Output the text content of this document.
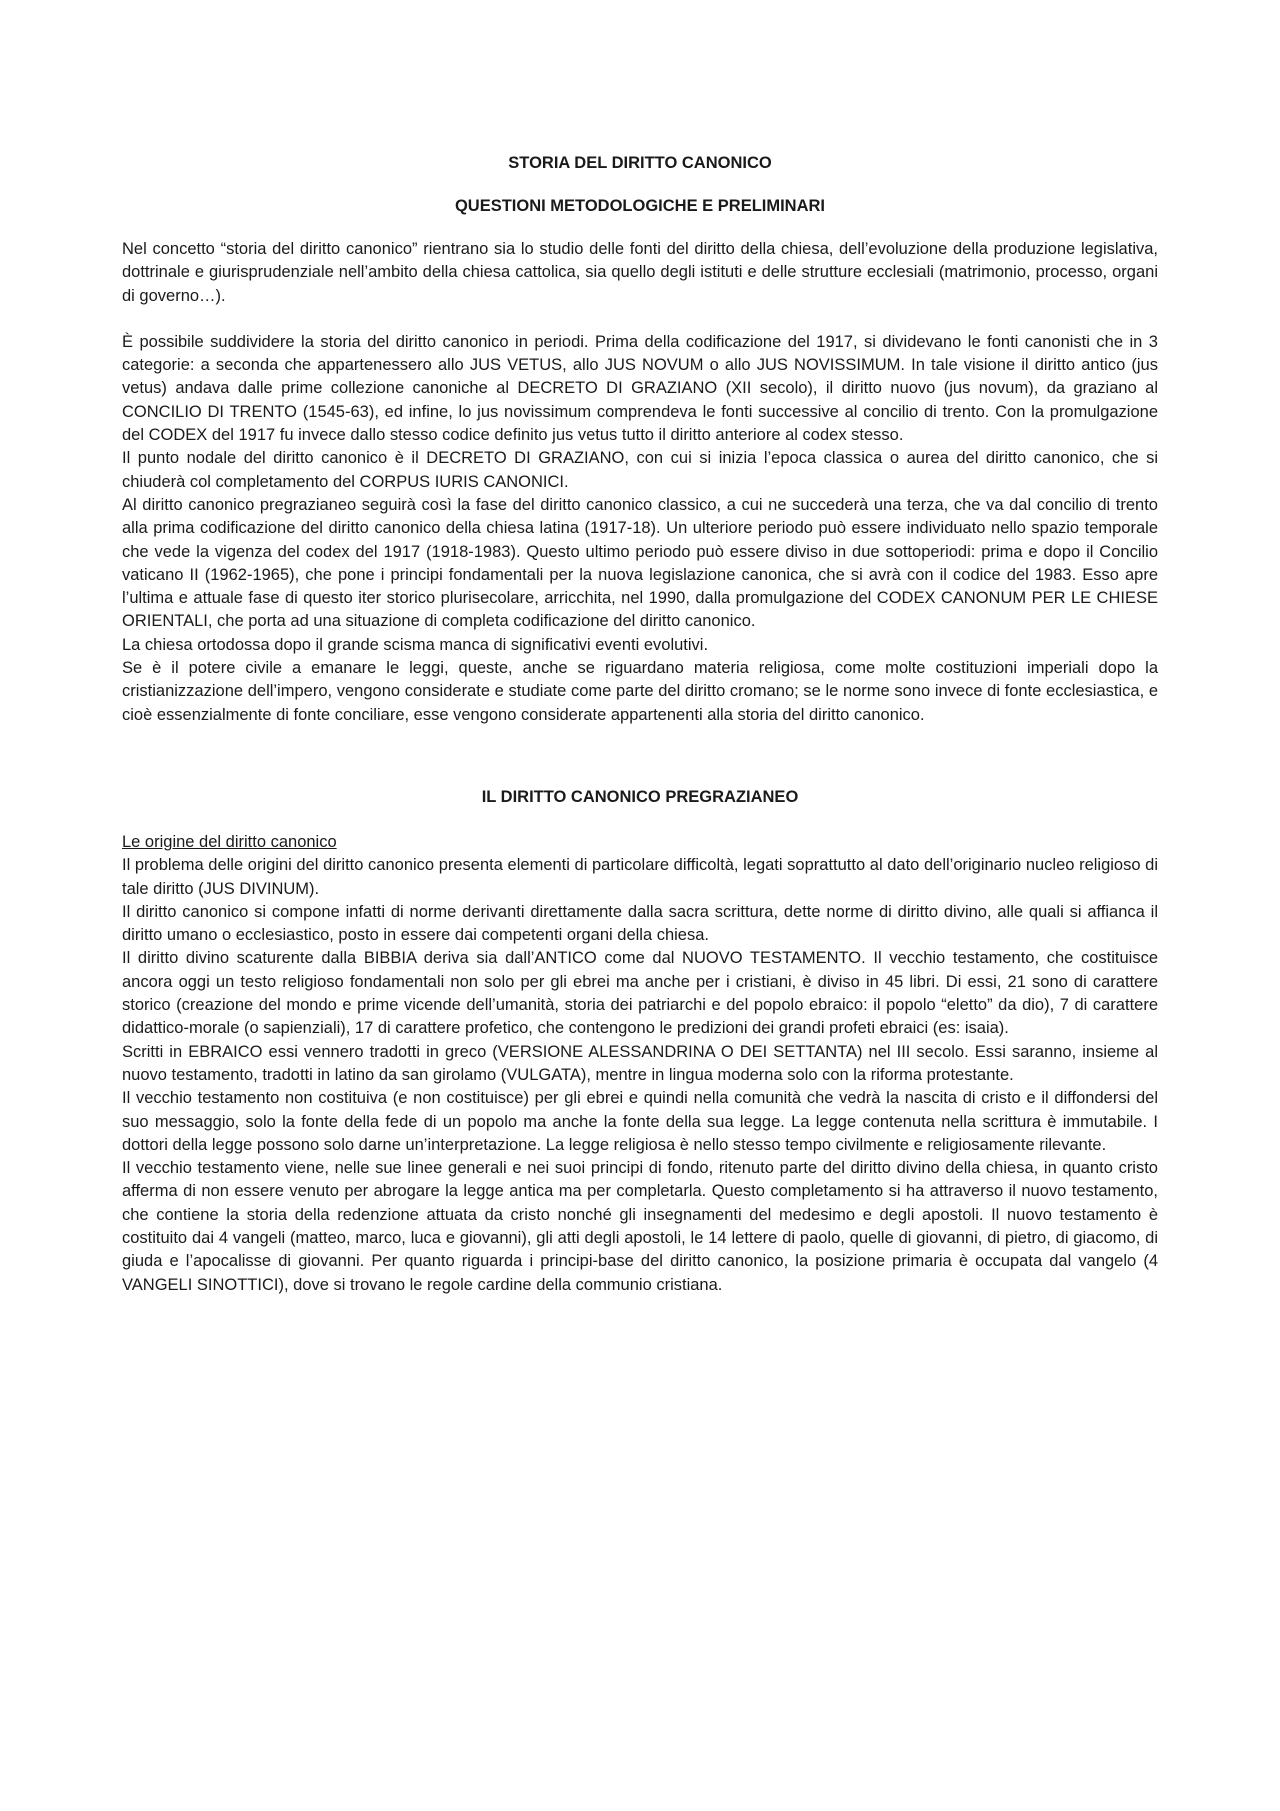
STORIA DEL DIRITTO CANONICO
QUESTIONI METODOLOGICHE E PRELIMINARI

Nel concetto “storia del diritto canonico” rientrano sia lo studio delle fonti del diritto della chiesa, dell’evoluzione della produzione legislativa, dottrinale e giurisprudenziale nell’ambito della chiesa cattolica, sia quello degli istituti e delle strutture ecclesiali (matrimonio, processo, organi di governo…).

È possibile suddividere la storia del diritto canonico in periodi. Prima della codificazione del 1917, si dividevano le fonti canonisti che in 3 categorie: a seconda che appartenessero allo JUS VETUS, allo JUS NOVUM o allo JUS NOVISSIMUM. In tale visione il diritto antico (jus vetus) andava dalle prime collezione canoniche al DECRETO DI GRAZIANO (XII secolo), il diritto nuovo (jus novum), da graziano al CONCILIO DI TRENTO (1545-63), ed infine, lo jus novissimum comprendeva le fonti successive al concilio di trento. Con la promulgazione del CODEX del 1917 fu invece dallo stesso codice definito jus vetus tutto il diritto anteriore al codex stesso.

Il punto nodale del diritto canonico è il DECRETO DI GRAZIANO, con cui si inizia l’epoca classica o aurea del diritto canonico, che si chiuderà col completamento del CORPUS IURIS CANONICI.

Al diritto canonico pregrazianeo seguirà così la fase del diritto canonico classico, a cui ne succederà una terza, che va dal concilio di trento alla prima codificazione del diritto canonico della chiesa latina (1917-18). Un ulteriore periodo può essere individuato nello spazio temporale che vede la vigenza del codex del 1917 (1918-1983). Questo ultimo periodo può essere diviso in due sottoperiodi: prima e dopo il Concilio vaticano II (1962-1965), che pone i principi fondamentali per la nuova legislazione canonica, che si avrà con il codice del 1983. Esso apre l’ultima e attuale fase di questo iter storico plurisecolare, arricchita, nel 1990, dalla promulgazione del CODEX CANONUM PER LE CHIESE ORIENTALI, che porta ad una situazione di completa codificazione del diritto canonico.

La chiesa ortodossa dopo il grande scisma manca di significativi eventi evolutivi.

Se è il potere civile a emanare le leggi, queste, anche se riguardano materia religiosa, come molte costituzioni imperiali dopo la cristianizzazione dell’impero, vengono considerate e studiate come parte del diritto cromano; se le norme sono invece di fonte ecclesiastica, e cioè essenzialmente di fonte conciliare, esse vengono considerate appartenenti alla storia del diritto canonico.

IL DIRITTO CANONICO PREGRAZIANEO

Le origine del diritto canonico

Il problema delle origini del diritto canonico presenta elementi di particolare difficoltà, legati soprattutto al dato dell’originario nucleo religioso di tale diritto (JUS DIVINUM).

Il diritto canonico si compone infatti di norme derivanti direttamente dalla sacra scrittura, dette norme di diritto divino, alle quali si affianca il diritto umano o ecclesiastico, posto in essere dai competenti organi della chiesa.

Il diritto divino scaturente dalla BIBBIA deriva sia dall’ANTICO come dal NUOVO TESTAMENTO. Il vecchio testamento, che costituisce ancora oggi un testo religioso fondamentali non solo per gli ebrei ma anche per i cristiani, è diviso in 45 libri. Di essi, 21 sono di carattere storico (creazione del mondo e prime vicende dell’umanità, storia dei patriarchi e del popolo ebraico: il popolo “eletto” da dio), 7 di carattere didattico-morale (o sapienziali), 17 di carattere profetico, che contengono le predizioni dei grandi profeti ebraici (es: isaia).

Scritti in EBRAICO essi vennero tradotti in greco (VERSIONE ALESSANDRINA O DEI SETTANTA) nel III secolo. Essi saranno, insieme al nuovo testamento, tradotti in latino da san girolamo (VULGATA), mentre in lingua moderna solo con la riforma protestante.

Il vecchio testamento non costituiva (e non costituisce) per gli ebrei e quindi nella comunità che vedrà la nascita di cristo e il diffondersi del suo messaggio, solo la fonte della fede di un popolo ma anche la fonte della sua legge. La legge contenuta nella scrittura è immutabile. I dottori della legge possono solo darne un’interpretazione. La legge religiosa è nello stesso tempo civilmente e religiosamente rilevante.

Il vecchio testamento viene, nelle sue linee generali e nei suoi principi di fondo, ritenuto parte del diritto divino della chiesa, in quanto cristo afferma di non essere venuto per abrogare la legge antica ma per completarla. Questo completamento si ha attraverso il nuovo testamento, che contiene la storia della redenzione attuata da cristo nonché gli insegnamenti del medesimo e degli apostoli. Il nuovo testamento è costituito dai 4 vangeli (matteo, marco, luca e giovanni), gli atti degli apostoli, le 14 lettere di paolo, quelle di giovanni, di pietro, di giacomo, di giuda e l’apocalisse di giovanni. Per quanto riguarda i principi-base del diritto canonico, la posizione primaria è occupata dal vangelo (4 VANGELI SINOTTICI), dove si trovano le regole cardine della communio cristiana.
